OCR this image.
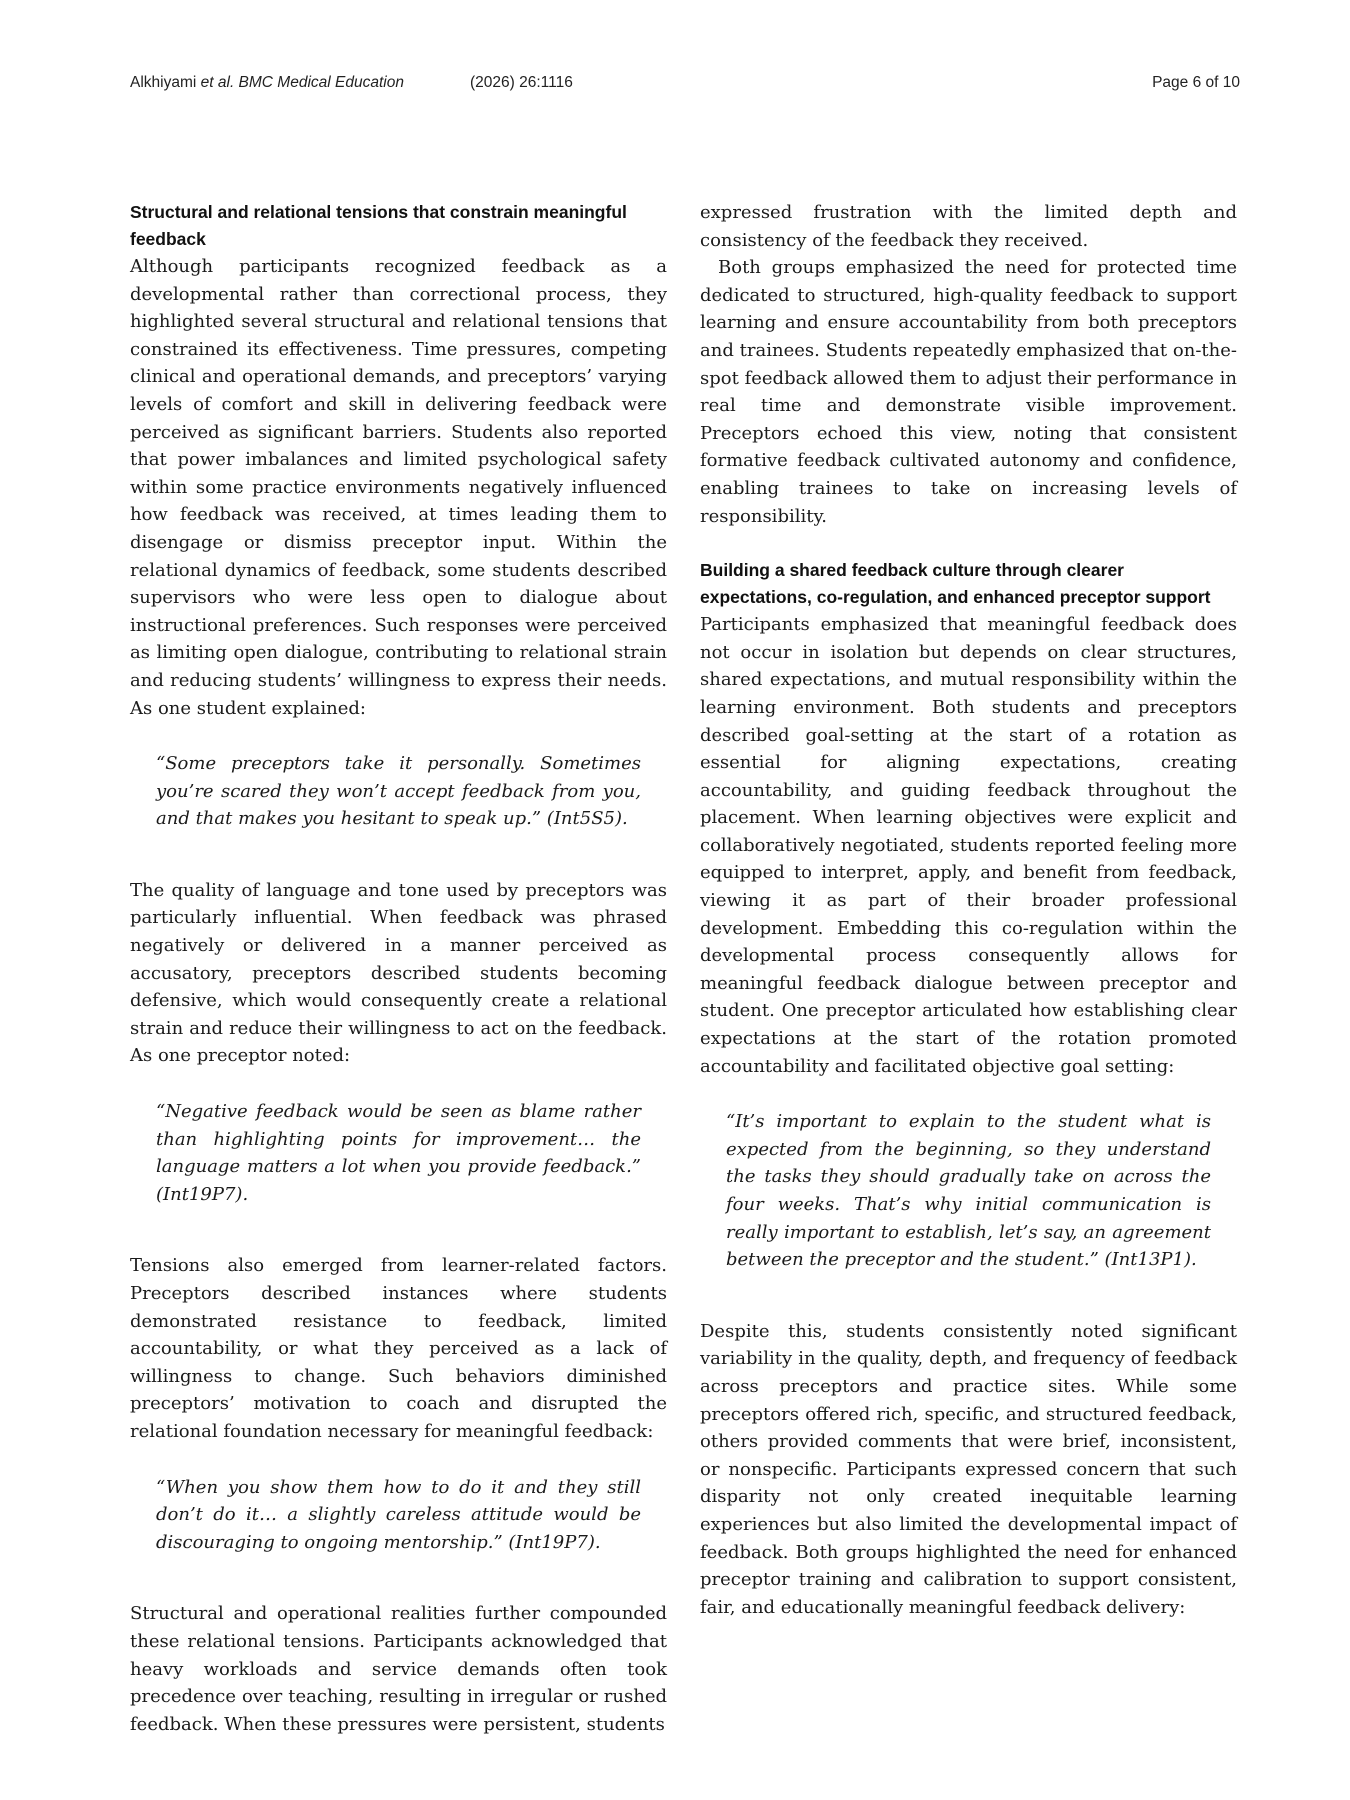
Alkhiyami et al. BMC Medical Education	(2026) 26:1116	Page 6 of 10
Structural and relational tensions that constrain meaningful feedback

Although participants recognized feedback as a developmental rather than correctional process, they highlighted several structural and relational tensions that constrained its effectiveness. Time pressures, competing clinical and operational demands, and preceptors’ varying levels of comfort and skill in delivering feedback were perceived as significant barriers. Students also reported that power imbalances and limited psychological safety within some practice environments negatively influenced how feedback was received, at times leading them to disengage or dismiss preceptor input. Within the relational dynamics of feedback, some students described supervisors who were less open to dialogue about instructional preferences. Such responses were perceived as limiting open dialogue, contributing to relational strain and reducing students’ willingness to express their needs. As one student explained:

“Some preceptors take it personally. Sometimes you’re scared they won’t accept feedback from you, and that makes you hesitant to speak up.” (Int5S5).

The quality of language and tone used by preceptors was particularly influential. When feedback was phrased negatively or delivered in a manner perceived as accusatory, preceptors described students becoming defensive, which would consequently create a relational strain and reduce their willingness to act on the feedback. As one preceptor noted:

“Negative feedback would be seen as blame rather than highlighting points for improvement… the language matters a lot when you provide feedback.” (Int19P7).

Tensions also emerged from learner-related factors. Preceptors described instances where students demonstrated resistance to feedback, limited accountability, or what they perceived as a lack of willingness to change. Such behaviors diminished preceptors’ motivation to coach and disrupted the relational foundation necessary for meaningful feedback:

“When you show them how to do it and they still don’t do it… a slightly careless attitude would be discouraging to ongoing mentorship.” (Int19P7).

Structural and operational realities further compounded these relational tensions. Participants acknowledged that heavy workloads and service demands often took precedence over teaching, resulting in irregular or rushed feedback. When these pressures were persistent, students

expressed frustration with the limited depth and consistency of the feedback they received.

Both groups emphasized the need for protected time dedicated to structured, high-quality feedback to support learning and ensure accountability from both preceptors and trainees. Students repeatedly emphasized that on-the-spot feedback allowed them to adjust their performance in real time and demonstrate visible improvement. Preceptors echoed this view, noting that consistent formative feedback cultivated autonomy and confidence, enabling trainees to take on increasing levels of responsibility.

Building a shared feedback culture through clearer expectations, co-regulation, and enhanced preceptor support

Participants emphasized that meaningful feedback does not occur in isolation but depends on clear structures, shared expectations, and mutual responsibility within the learning environment. Both students and preceptors described goal-setting at the start of a rotation as essential for aligning expectations, creating accountability, and guiding feedback throughout the placement. When learning objectives were explicit and collaboratively negotiated, students reported feeling more equipped to interpret, apply, and benefit from feedback, viewing it as part of their broader professional development. Embedding this co-regulation within the developmental process consequently allows for meaningful feedback dialogue between preceptor and student. One preceptor articulated how establishing clear expectations at the start of the rotation promoted accountability and facilitated objective goal setting:

“It’s important to explain to the student what is expected from the beginning, so they understand the tasks they should gradually take on across the four weeks. That’s why initial communication is really important to establish, let’s say, an agreement between the preceptor and the student.” (Int13P1).

Despite this, students consistently noted significant variability in the quality, depth, and frequency of feedback across preceptors and practice sites. While some preceptors offered rich, specific, and structured feedback, others provided comments that were brief, inconsistent, or nonspecific. Participants expressed concern that such disparity not only created inequitable learning experiences but also limited the developmental impact of feedback. Both groups highlighted the need for enhanced preceptor training and calibration to support consistent, fair, and educationally meaningful feedback delivery:
